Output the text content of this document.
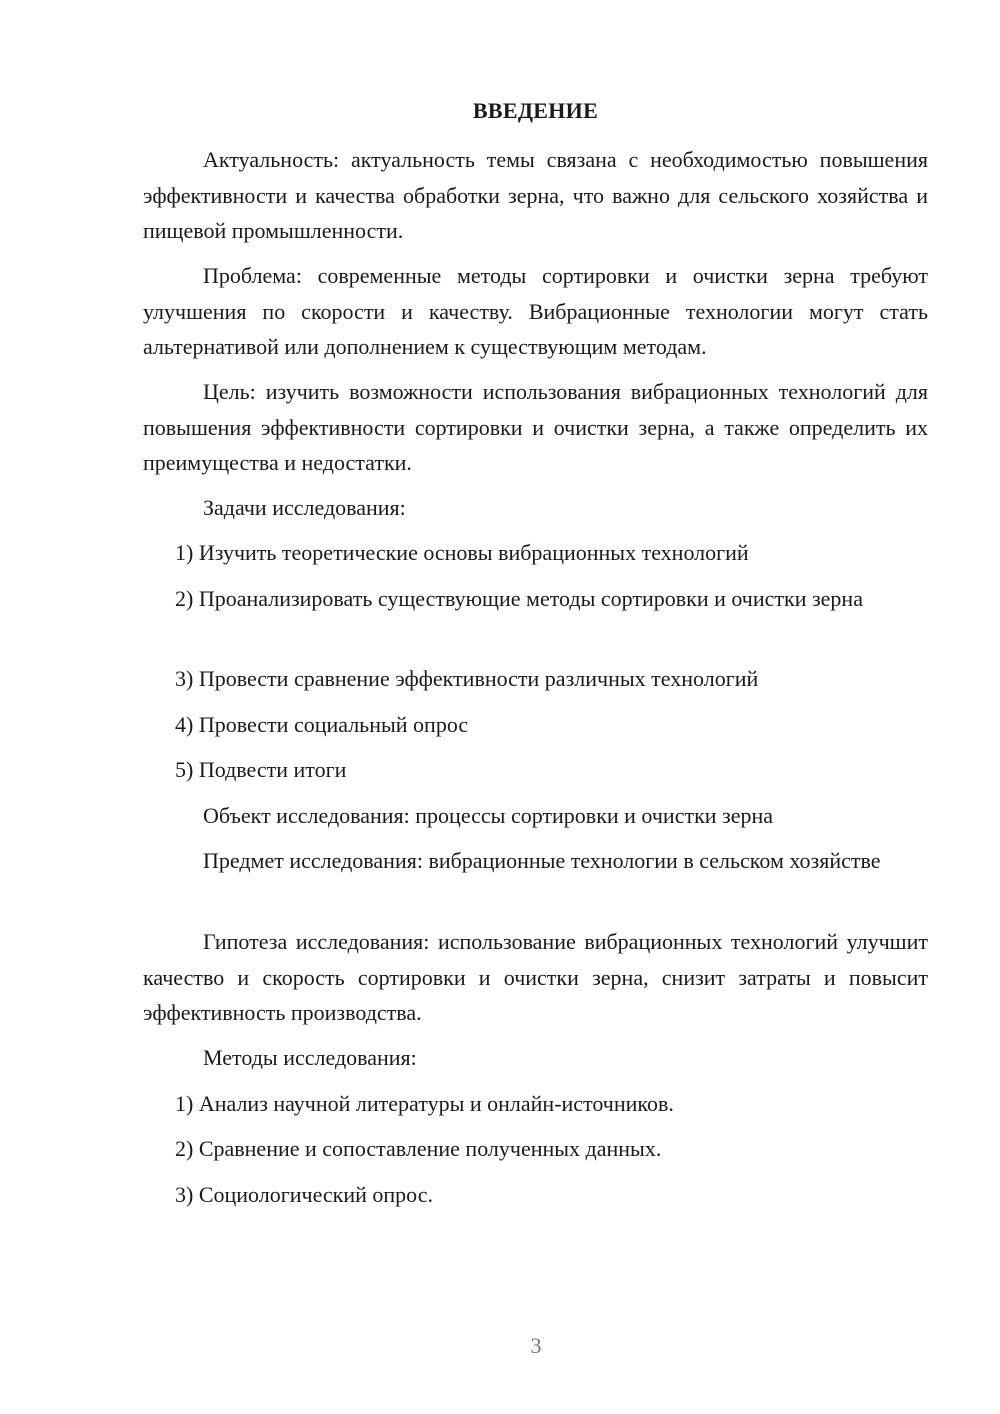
ВВЕДЕНИЕ

Актуальность: актуальность темы связана с необходимостью повышения эффективности и качества обработки зерна, что важно для сельского хозяйства и пищевой промышленности.

Проблема: современные методы сортировки и очистки зерна требуют улучшения по скорости и качеству. Вибрационные технологии могут стать альтернативой или дополнением к существующим методам.

Цель: изучить возможности использования вибрационных технологий для повышения эффективности сортировки и очистки зерна, а также определить их преимущества и недостатки.

Задачи исследования:

1) Изучить теоретические основы вибрационных технологий

2) Проанализировать существующие методы сортировки и очистки зерна

3) Провести сравнение эффективности различных технологий

4) Провести социальный опрос

5) Подвести итоги

Объект исследования: процессы сортировки и очистки зерна

Предмет исследования: вибрационные технологии в сельском хозяйстве

Гипотеза исследования: использование вибрационных технологий улучшит качество и скорость сортировки и очистки зерна, снизит затраты и повысит эффективность производства.

Методы исследования:

1) Анализ научной литературы и онлайн-источников.

2) Сравнение и сопоставление полученных данных.

3) Социологический опрос.

3
